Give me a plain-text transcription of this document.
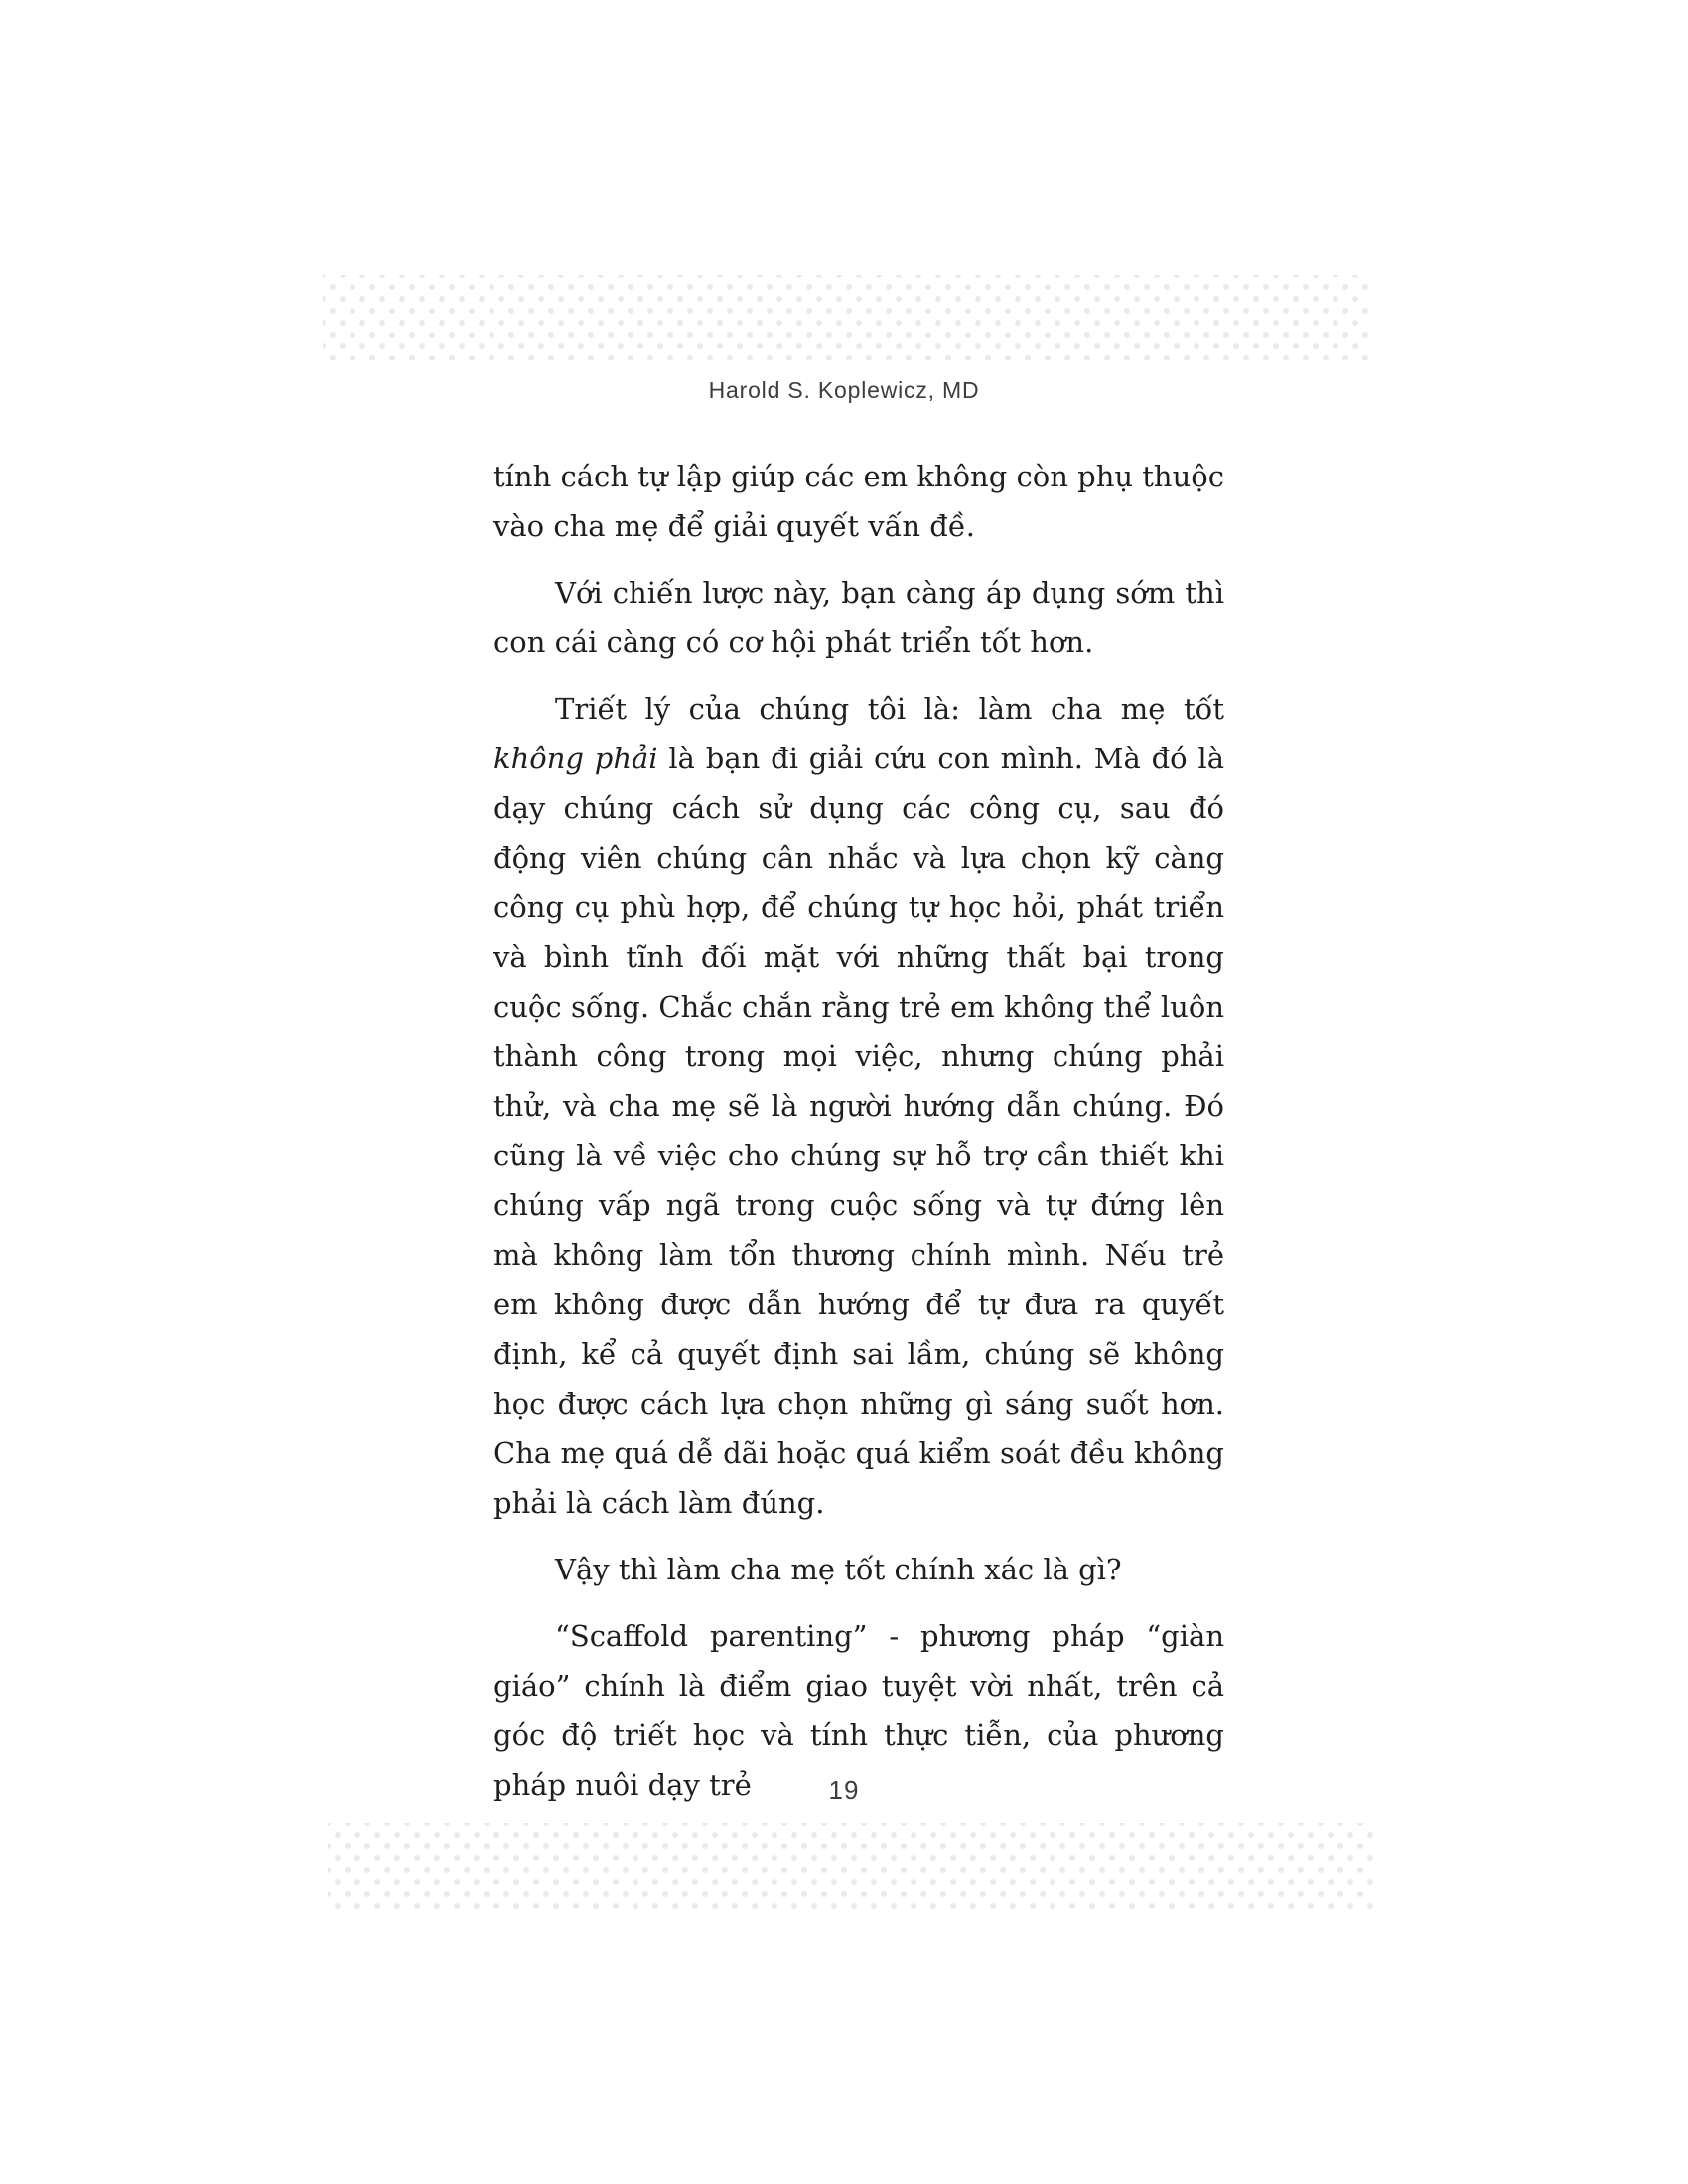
Harold S. Koplewicz, MD

tính cách tự lập giúp các em không còn phụ thuộc vào cha mẹ để giải quyết vấn đề.

Với chiến lược này, bạn càng áp dụng sớm thì con cái càng có cơ hội phát triển tốt hơn.

Triết lý của chúng tôi là: làm cha mẹ tốt không phải là bạn đi giải cứu con mình. Mà đó là dạy chúng cách sử dụng các công cụ, sau đó động viên chúng cân nhắc và lựa chọn kỹ càng công cụ phù hợp, để chúng tự học hỏi, phát triển và bình tĩnh đối mặt với những thất bại trong cuộc sống. Chắc chắn rằng trẻ em không thể luôn thành công trong mọi việc, nhưng chúng phải thử, và cha mẹ sẽ là người hướng dẫn chúng. Đó cũng là về việc cho chúng sự hỗ trợ cần thiết khi chúng vấp ngã trong cuộc sống và tự đứng lên mà không làm tổn thương chính mình. Nếu trẻ em không được dẫn hướng để tự đưa ra quyết định, kể cả quyết định sai lầm, chúng sẽ không học được cách lựa chọn những gì sáng suốt hơn. Cha mẹ quá dễ dãi hoặc quá kiểm soát đều không phải là cách làm đúng.

Vậy thì làm cha mẹ tốt chính xác là gì?

“Scaffold parenting” - phương pháp “giàn giáo” chính là điểm giao tuyệt vời nhất, trên cả góc độ triết học và tính thực tiễn, của phương pháp nuôi dạy trẻ	19
